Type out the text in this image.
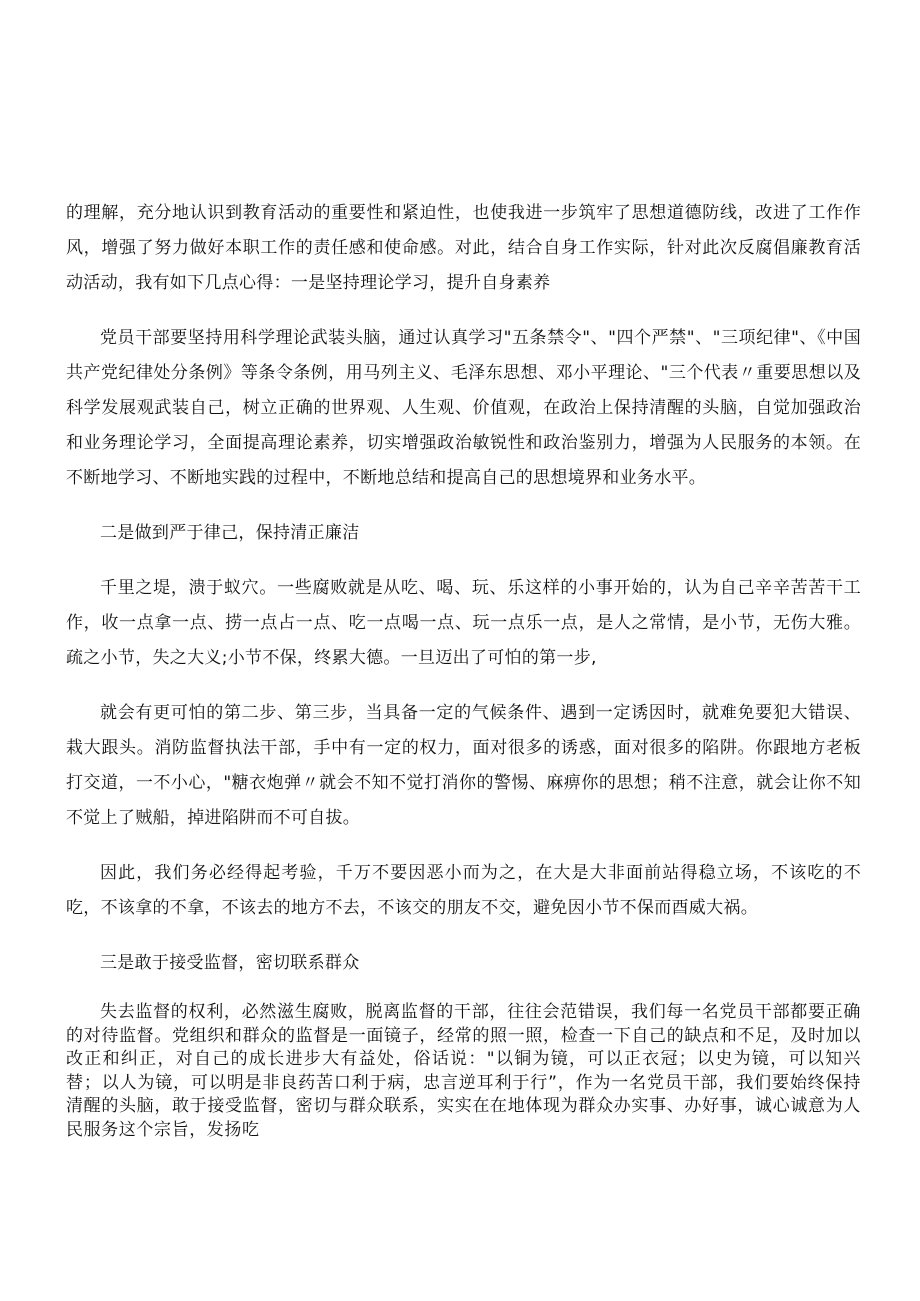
的理解，充分地认识到教育活动的重要性和紧迫性，也使我进一步筑牢了思想道德防线，改进了工作作风，增强了努力做好本职工作的责任感和使命感。对此，结合自身工作实际，针对此次反腐倡廉教育活动活动，我有如下几点心得：一是坚持理论学习，提升自身素养

党员干部要坚持用科学理论武装头脑，通过认真学习"五条禁令"、"四个严禁"、"三项纪律"、《中国共产党纪律处分条例》等条令条例，用马列主义、毛泽东思想、邓小平理论、"三个代表〃重要思想以及科学发展观武装自己，树立正确的世界观、人生观、价值观，在政治上保持清醒的头脑，自觉加强政治和业务理论学习，全面提高理论素养，切实增强政治敏锐性和政治鉴别力，增强为人民服务的本领。在不断地学习、不断地实践的过程中，不断地总结和提高自己的思想境界和业务水平。

二是做到严于律己，保持清正廉洁

千里之堤，溃于蚁穴。一些腐败就是从吃、喝、玩、乐这样的小事开始的，认为自己辛辛苦苦干工作，收一点拿一点、捞一点占一点、吃一点喝一点、玩一点乐一点，是人之常情，是小节，无伤大雅。疏之小节，失之大义;小节不保，终累大德。一旦迈出了可怕的第一步,

就会有更可怕的第二步、第三步，当具备一定的气候条件、遇到一定诱因时，就难免要犯大错误、栽大跟头。消防监督执法干部，手中有一定的权力，面对很多的诱惑，面对很多的陷阱。你跟地方老板打交道，一不小心，"糖衣炮弹〃就会不知不觉打消你的警惕、麻痹你的思想；稍不注意，就会让你不知不觉上了贼船，掉进陷阱而不可自拔。

因此，我们务必经得起考验，千万不要因恶小而为之，在大是大非面前站得稳立场，不该吃的不吃，不该拿的不拿，不该去的地方不去，不该交的朋友不交，避免因小节不保而酉威大祸。

三是敢于接受监督，密切联系群众

失去监督的权利，必然滋生腐败，脱离监督的干部，往往会范错误，我们每一名党员干部都要正确的对待监督。党组织和群众的监督是一面镜子，经常的照一照，检查一下自己的缺点和不足，及时加以改正和纠正，对自己的成长进步大有益处，俗话说："以铜为镜，可以正衣冠；以史为镜，可以知兴替；以人为镜，可以明是非良药苦口利于病，忠言逆耳利于行”，作为一名党员干部，我们要始终保持清醒的头脑，敢于接受监督，密切与群众联系，实实在在地体现为群众办实事、办好事，诚心诚意为人民服务这个宗旨，发扬吃
